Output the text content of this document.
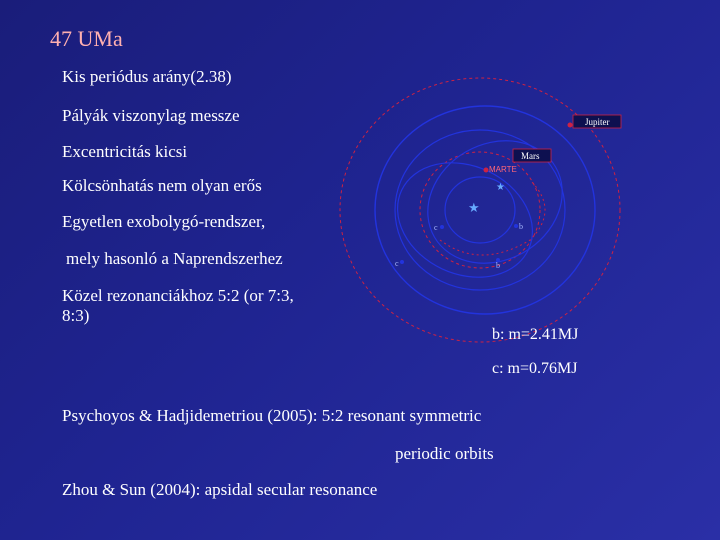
47 UMa
Kis periódus arány(2.38)
Pályák viszonylag messze
Excentricitás kicsi
Kölcsönhatás nem olyan erős
Egyetlen exobolygó-rendszer,
mely hasonló a Naprendszerhez
Közel rezonanciákhoz 5:2 (or 7:3,
8:3)
★
★
Jupiter
Mars
MARTE
c	b
c	b
b: m=2.41MJ
c: m=0.76MJ
Psychoyos & Hadjidemetriou (2005): 5:2 resonant symmetric
periodic orbits
Zhou & Sun (2004): apsidal secular resonance
